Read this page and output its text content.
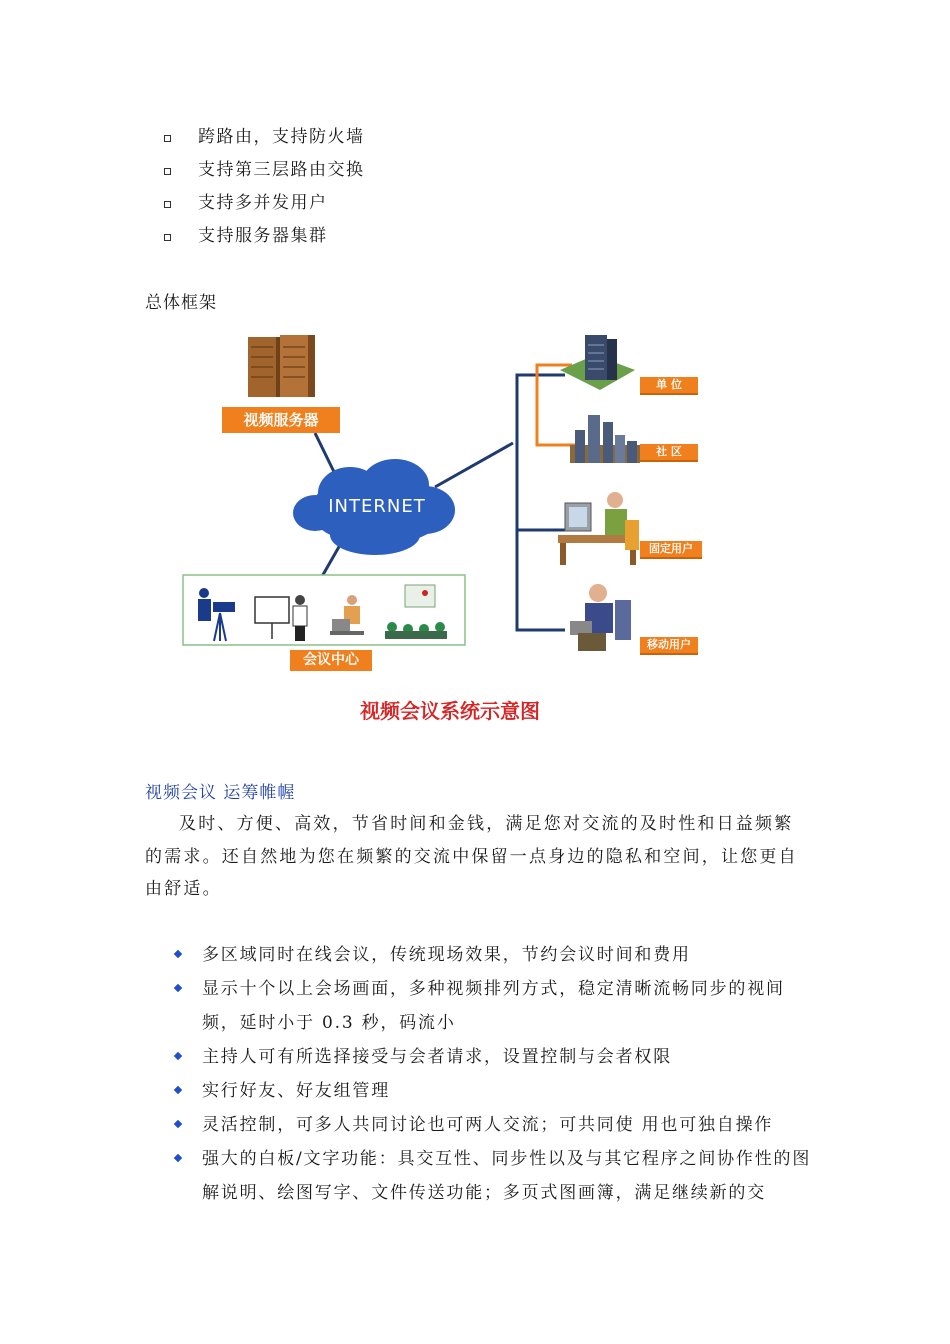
跨路由，支持防火墙
支持第三层路由交换
支持多并发用户
支持服务器集群
总体框架
视频服务器
INTERNET
会议中心
单 位
社 区
固定用户
移动用户
视频会议系统示意图
视频会议 运筹帷幄

及时、方便、高效，节省时间和金钱，满足您对交流的及时性和日益频繁的需求。还自然地为您在频繁的交流中保留一点身边的隐私和空间，让您更自由舒适。

多区域同时在线会议，传统现场效果，节约会议时间和费用
显示十个以上会场画面，多种视频排列方式，稳定清晰流畅同步的视间频，延时小于 0.3 秒，码流小
主持人可有所选择接受与会者请求，设置控制与会者权限
实行好友、好友组管理
灵活控制，可多人共同讨论也可两人交流；可共同使 用也可独自操作
强大的白板/文字功能：具交互性、同步性以及与其它程序之间协作性的图解说明、绘图写字、文件传送功能；多页式图画簿，满足继续新的交
